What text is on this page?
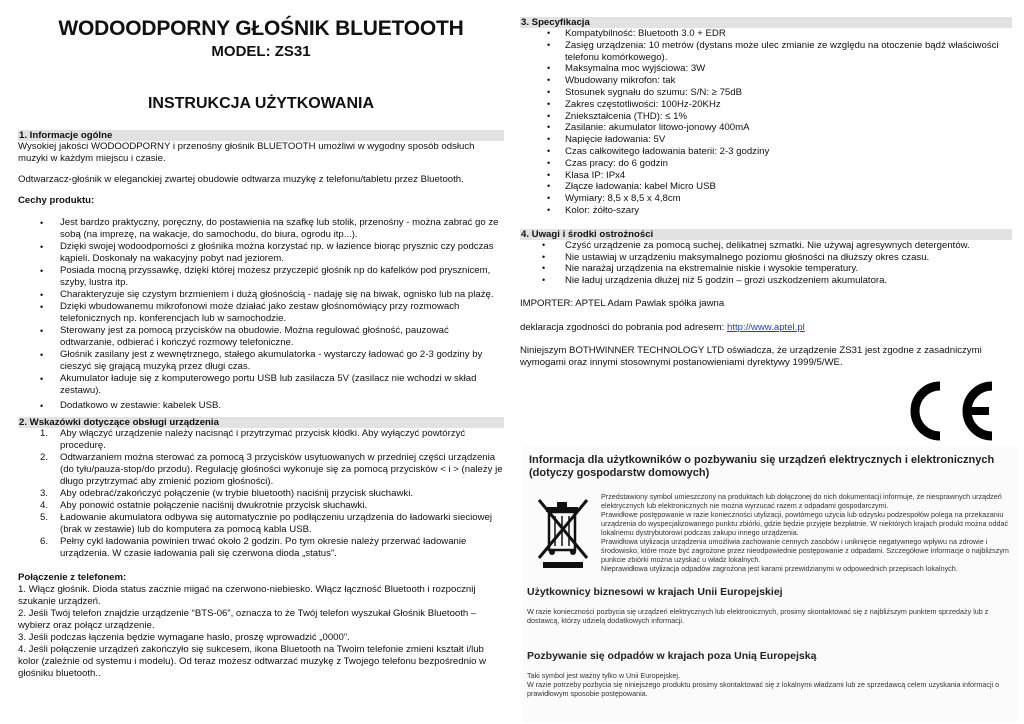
WODOODPORNY GŁOŚNIK BLUETOOTH
MODEL: ZS31
INSTRUKCJA UŻYTKOWANIA
1. Informacje ogólne
Wysokiej jakości WODOODPORNY i przenośny głośnik BLUETOOTH umożliwi w wygodny sposób odsłuch muzyki w każdym miejscu i czasie.
Odtwarzacz-głośnik w eleganckiej zwartej obudowie odtwarza muzykę z telefonu/tabletu przez Bluetooth.
Cechy produktu:
• Jest bardzo praktyczny, poręczny, do postawienia na szafkę lub stolik, przenośny - można zabrać go ze sobą (na imprezę, na wakacje, do samochodu, do biura, ogrodu itp...).
• Dzięki swojej wodoodporności z głośnika można korzystać np. w łazience biorąc prysznic czy podczas kąpieli. Doskonały na wakacyjny pobyt nad jeziorem.
• Posiada mocną przyssawkę, dzięki której możesz przyczepić głośnik np do kafelków pod prysznicem, szyby, lustra itp.
• Charakteryzuje się czystym brzmieniem i dużą głośnością - nadaję się na biwak, ognisko lub na plażę.
• Dzięki wbudowanemu mikrofonowi może działać jako zestaw głośnomówiący przy rozmowach telefonicznych np. konferencjach lub w samochodzie.
• Sterowany jest za pomocą przycisków na obudowie. Można regulować głośność, pauzować odtwarzanie, odbierać i kończyć rozmowy telefoniczne.
• Głośnik zasilany jest z wewnętrznego, stałego akumulatorka - wystarczy ładować go 2-3 godziny by cieszyć się grającą muzyką przez długi czas.
• Akumulator ładuje się z komputerowego portu USB lub zasilacza 5V (zasilacz nie wchodzi w skład zestawu).
• Dodatkowo w zestawie: kabelek USB.
2. Wskazówki dotyczące obsługi urządzenia
1. Aby włączyć urządzenie należy nacisnąć i przytrzymać przycisk kłódki. Aby wyłączyć powtórzyć procedurę.
2. Odtwarzaniem można sterować za pomocą 3 przycisków usytuowanych w przedniej części urządzenia (do tyłu/pauza-stop/do przodu). Regulację głośności wykonuje się za pomocą przycisków < i > (należy je długo przytrzymać aby zmienić poziom głośności).
3. Aby odebrać/zakończyć połączenie (w trybie bluetooth) naciśnij przycisk słuchawki.
4. Aby ponowić ostatnie połączenie naciśnij dwukrotnie przycisk słuchawki.
5. Ładowanie akumulatora odbywa się automatycznie po podłączeniu urządzenia do ładowarki sieciowej (brak w zestawie) lub do komputera za pomocą kabla USB.
6. Pełny cykl ładowania powinien trwać około 2 godzin. Po tym okresie należy przerwać ładowanie urządzenia. W czasie ładowania pali się czerwona dioda „status”.
Połączenie z telefonem:
1. Włącz głośnik. Dioda status zacznie migać na czerwono-niebiesko. Włącz łączność Bluetooth i rozpocznij szukanie urządzeń.
2. Jeśli Twój telefon znajdzie urządzenie “BTS-06”, oznacza to że Twój telefon wyszukał Głośnik Bluetooth – wybierz oraz połącz urządzenie.
3. Jeśli podczas łączenia będzie wymagane hasło, proszę wprowadzić „0000”.
4. Jeśli połączenie urządzeń zakończyło się sukcesem, ikona Bluetooth na Twoim telefonie zmieni kształt i/lub kolor (zależnie od systemu i modelu). Od teraz możesz odtwarzać muzykę z Twojego telefonu bezpośrednio w głośniku bluetooth..
3. Specyfikacja
• Kompatybilność: Bluetooth 3.0 + EDR
• Zasięg urządzenia: 10 metrów (dystans może ulec zmianie ze względu na otoczenie bądź właściwości telefonu komórkowego).
• Maksymalna moc wyjściowa: 3W
• Wbudowany mikrofon: tak
• Stosunek sygnału do szumu: S/N: ≥ 75dB
• Zakres częstotliwości: 100Hz-20KHz
• Zniekształcenia (THD): ≤ 1%
• Zasilanie: akumulator litowo-jonowy 400mA
• Napięcie ładowania: 5V
• Czas całkowitego ładowania baterii: 2-3 godziny
• Czas pracy: do 6 godzin
• Klasa IP: IPx4
• Złącze ładowania: kabel Micro USB
• Wymiary: 8,5 x 8,5 x 4,8cm
• Kolor: żółto-szary
4. Uwagi i środki ostrożności
• Czyść urządzenie za pomocą suchej, delikatnej szmatki. Nie używaj agresywnych detergentów.
• Nie ustawiaj w urządzeniu maksymalnego poziomu głośności na dłuższy okres czasu.
• Nie narażaj urządzenia na ekstremalnie niskie i wysokie temperatury.
• Nie ładuj urządzenia dłużej niż 5 godzin – grozi uszkodzeniem akumulatora.
IMPORTER: APTEL Adam Pawlak spółka jawna
deklaracja zgodności do pobrania pod adresem: http://www.aptel.pl
Niniejszym BOTHWINNER TECHNOLOGY LTD oświadcza, że urządzenie ZS31 jest zgodne z zasadniczymi wymogami oraz innymi stosownymi postanowieniami dyrektywy 1999/5/WE.
Informacja dla użytkowników o pozbywaniu się urządzeń elektrycznych i elektronicznych (dotyczy gospodarstw domowych)
Przedstawiony symbol umieszczony na produktach lub dołączonej do nich dokumentacji informuje, że niesprawnych urządzeń elektrycznych lub elektronicznych nie można wyrzucać razem z odpadami gospodarczymi.
Prawidłowe postępowanie w razie konieczności utylizacji, powtórnego użycia lub odzysku podzespołów polega na przekazaniu urządzenia do wyspecjalizowanego punktu zbiórki, gdzie będzie przyjęte bezpłatnie. W niektórych krajach produkt można oddać lokalnemu dystrybutorowi podczas zakupu innego urządzenia.
Prawidłowa utylizacja urządzenia umożliwia zachowanie cennych zasobów i uniknięcie negatywnego wpływu na zdrowie i środowisko, które może być zagrożone przez nieodpowiednie postępowanie z odpadami. Szczegółowe informacje o najbliższym punkcie zbiórki można uzyskać u władz lokalnych.
Nieprawidłowa utylizacja odpadów zagrożona jest karami przewidzianymi w odpowiednich przepisach lokalnych.
Użytkownicy biznesowi w krajach Unii Europejskiej
W razie konieczności pozbycia się urządzeń elektrycznych lub elektronicznych, prosimy skontaktować się z najbliższym punktem sprzedaży lub z dostawcą, którzy udzielą dodatkowych informacji.
Pozbywanie się odpadów w krajach poza Unią Europejską
Taki symbol jest ważny tylko w Unii Europejskej.
W razie potrzeby pozbycia się niniejszego produktu prosimy skontaktować się z lokalnymi władzami lub ze sprzedawcą celem uzyskania informacji o prawidłowym sposobie postępowania.
